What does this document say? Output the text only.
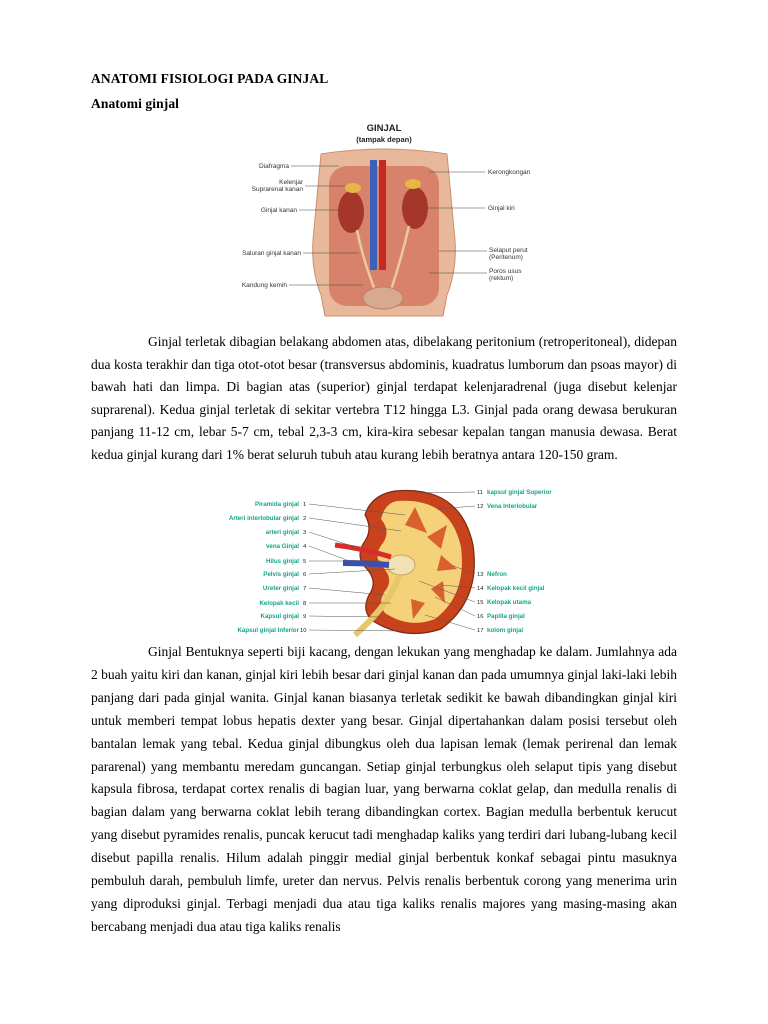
ANATOMI FISIOLOGI PADA GINJAL
Anatomi ginjal
GINJAL
(tampak depan)
Diafragma
Kelenjar
Suprarenal kanan
Ginjal kanan
Saluran ginjal kanan
Kandung kemih
Kerongkongan
Ginjal kiri
Selaput perut
(Peritenum)
Poros usus
(rektum)

Ginjal terletak dibagian belakang abdomen atas, dibelakang peritonium (retroperitoneal), didepan dua kosta terakhir dan tiga otot-otot besar (transversus abdominis, kuadratus lumborum dan psoas mayor) di bawah hati dan limpa. Di bagian atas (superior) ginjal terdapat kelenjaradrenal (juga disebut kelenjar suprarenal). Kedua ginjal terletak di sekitar vertebra T12 hingga L3. Ginjal pada orang dewasa berukuran panjang 11-12 cm, lebar 5-7 cm, tebal 2,3-3 cm, kira-kira sebesar kepalan tangan manusia dewasa. Berat kedua ginjal kurang dari 1% berat seluruh tubuh atau kurang lebih beratnya antara 120-150 gram.

Piramida ginjal
Arteri interlobular ginjal
arteri ginjal
vena Ginjal
Hilus ginjal
Pelvis ginjal
Ureter ginjal
Kelopak kecil
Kapsul ginjal
Kapsul ginjal Inferior
1
2
3
4
5
6
7
8
9
10
11
12
13
14
15
16
17
kapsul ginjal Superior
Vena Interlobular
Nefron
Kelopak kecil ginjal
Kelopak utama
Papilla ginjal
kolom ginjal

Ginjal Bentuknya seperti biji kacang, dengan lekukan yang menghadap ke dalam. Jumlahnya ada 2 buah yaitu kiri dan kanan, ginjal kiri lebih besar dari ginjal kanan dan pada umumnya ginjal laki-laki lebih panjang dari pada ginjal wanita. Ginjal kanan biasanya terletak sedikit ke bawah dibandingkan ginjal kiri untuk memberi tempat lobus hepatis dexter yang besar. Ginjal dipertahankan dalam posisi tersebut oleh bantalan lemak yang tebal. Kedua ginjal dibungkus oleh dua lapisan lemak (lemak perirenal dan lemak pararenal) yang membantu meredam guncangan. Setiap ginjal terbungkus oleh selaput tipis yang disebut kapsula fibrosa, terdapat cortex renalis di bagian luar, yang berwarna coklat gelap, dan medulla renalis di bagian dalam yang berwarna coklat lebih terang dibandingkan cortex. Bagian medulla berbentuk kerucut yang disebut pyramides renalis, puncak kerucut tadi menghadap kaliks yang terdiri dari lubang-lubang kecil disebut papilla renalis. Hilum adalah pinggir medial ginjal berbentuk konkaf sebagai pintu masuknya pembuluh darah, pembuluh limfe, ureter dan nervus. Pelvis renalis berbentuk corong yang menerima urin yang diproduksi ginjal. Terbagi menjadi dua atau tiga kaliks renalis majores yang masing-masing akan bercabang menjadi dua atau tiga kaliks renalis
